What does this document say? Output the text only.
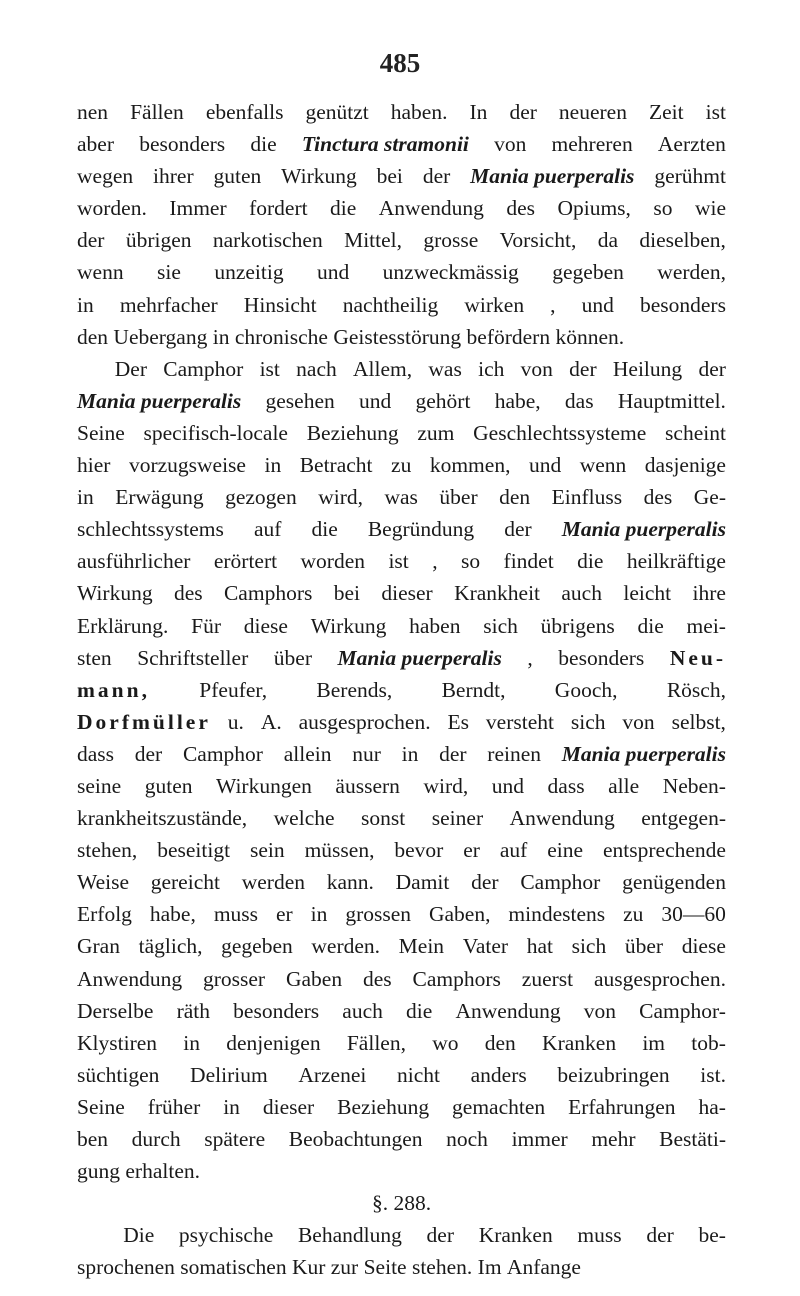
485
nen Fällen ebenfalls genützt haben. In der neueren Zeit ist
aber besonders die Tinctura stramonii von mehreren Aerzten
wegen ihrer guten Wirkung bei der Mania puerperalis gerühmt
worden. Immer fordert die Anwendung des Opiums, so wie
der übrigen narkotischen Mittel, grosse Vorsicht, da dieselben,
wenn sie unzeitig und unzweckmässig gegeben werden,
in mehrfacher Hinsicht nachtheilig wirken , und besonders
den
Uebergang
in
chronische
Geistesstörung
befördern
können.

Der Camphor ist nach Allem, was ich von der Heilung der
Mania puerperalis gesehen und gehört habe, das Hauptmittel.
Seine specifisch-locale Beziehung zum Geschlechtssysteme scheint
hier vorzugsweise in Betracht zu kommen, und wenn dasjenige
in Erwägung gezogen wird, was über den Einfluss des Ge-
schlechtssystems auf die Begründung der Mania puerperalis
ausführlicher erörtert worden ist , so findet die heilkräftige
Wirkung des Camphors bei dieser Krankheit auch leicht ihre
Erklärung. Für diese Wirkung haben sich übrigens die mei-
sten Schriftsteller über Mania puerperalis , besonders Neu-
mann, Pfeufer, Berends, Berndt, Gooch, Rösch,
Dorfmüller u. A. ausgesprochen. Es versteht sich von selbst,
dass der Camphor allein nur in der reinen Mania puerperalis
seine guten Wirkungen äussern wird, und dass alle Neben-
krankheitszustände, welche sonst seiner Anwendung entgegen-
stehen, beseitigt sein müssen, bevor er auf eine entsprechende
Weise gereicht werden kann. Damit der Camphor genügenden
Erfolg habe, muss er in grossen Gaben, mindestens zu 30—60
Gran täglich, gegeben werden. Mein Vater hat sich über diese
Anwendung grosser Gaben des Camphors zuerst ausgesprochen.
Derselbe räth besonders auch die Anwendung von Camphor-
Klystiren in denjenigen Fällen, wo den Kranken im tob-
süchtigen Delirium Arzenei nicht anders beizubringen ist.
Seine früher in dieser Beziehung gemachten Erfahrungen ha-
ben durch spätere Beobachtungen noch immer mehr Bestäti-
gung
erhalten.

§. 288.

Die psychische Behandlung der Kranken muss der be-
sprochenen
somatischen
Kur
zur
Seite
stehen.
Im
Anfange
